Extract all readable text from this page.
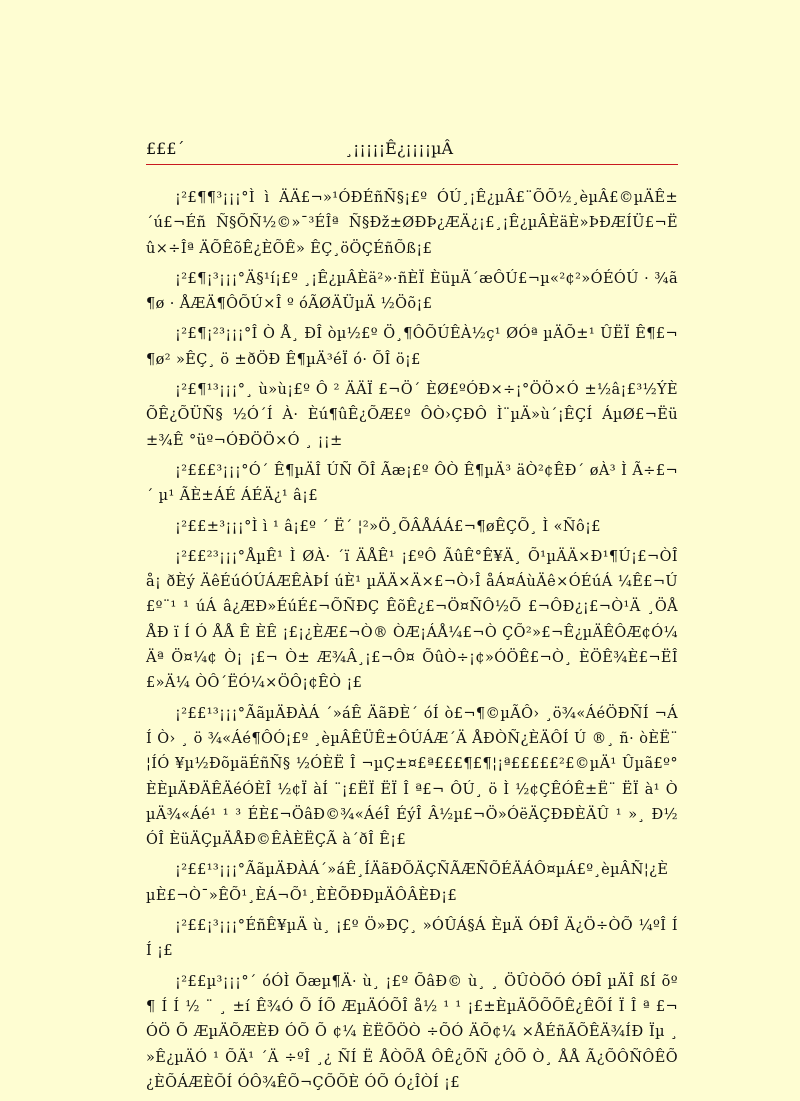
£££´	¸¡¡¡¡¡Ê¿¡¡¡¡µÂ

¡²£¶¶³¡¡¡°Ì ì ÄÄ£¬»¹ÓÐÉñÑ§¡£º ÓÚ¸¡Ê¿µÂ£¨ÕÕ½¸èµÂ£©µÄÊ±´ú£¬Éñ Ñ§ÕÑ½©»¯³ÉÎª Ñ§Ðž±ØÐÞ¿ÆÄ¿¡£¸¡Ê¿µÂÈäÈ»ÞÐÆÍÜ£¬Ëû×÷Îª ÄÕÊõÊ¿ÈÕÊ» ÊÇ¸öÖÇÉñÕß¡£

¡²£¶¡³¡¡¡°Ä§¹í¡£º ¸¡Ê¿µÂÈä²»·ñÈÏ ÈüµÄ´æÔÚ£¬µ«²¢²»ÓÉÓÚ · ¾ã¶ø · ÅÆÄ¶ÔÕÚ×Î º óÃØÄÜµÄ ½Öõ¡£

¡²£¶¡²³¡¡¡°Î Ò Å¸ ÐÎ òµ½£º Ö¸¶ÔÕÚÊÀ½ç¹ ØÓª µÄÕ±¹ ÛËÏ Ê¶£¬¶ø² »ÊÇ¸ ö ±ðÖÐ Ê¶µÄ³éÏ ó· ÕÎ ö¡£

¡²£¶¹³¡¡¡°¸ ù»ù¡£º Ô ² ÄÄÏ £¬Ö´ ÈØ£ºÓÐ×÷¡°ÖÖ×Ó ±½â¡£³½ÝÈÕÊ¿ÕÜÑ§ ½Ó´Í À· Èú¶ûÊ¿ÕÆ£º ÔÒ›ÇÐÔ Ì¨µÄ»ù´¡ÊÇÍ ÁµØ£¬Ëü±¾Ê °üº¬ÓÐÖÖ×Ó ¸ ¡¡±

¡²£££³¡¡¡°Ó´ Ê¶µÄÎ ÚÑ ÕÎ Ãæ¡£º ÔÒ Ê¶µÄ³ äÒ²¢ÊÐ´ øÀ³ Ì Ã÷£¬´ µ¹ ÃÈ±ÁÉ ÁÉÄ¿¹ â¡£

¡²££±³¡¡¡°Ì ì ¹ â¡£º ´ Ë´ ¦²»Ö¸ÕÂÅÁÁ£¬¶øÊÇÕ¸ Ì «Ñô¡£

¡²££²³¡¡¡°ÅµÊ¹ Ì ØÀ· ´ï ÄÅÊ¹ ¡£ºÔ ÃûÊ°Ê¥Ä¸ Õ¹µÄÄ×Ð¹¶Ú¡£¬ÒÎ å¡ ðÈý ÄêÉúÓÚÁÆÊÀÞÍ úÈ¹ µÄÄ×Ä×£¬Ò›Î åÁ¤ÁùÄê×ÓÉúÁ ¼Ê£¬Ú£º¨¹ ¹ úÁ â¿ÆÐ»ÉúÉ£¬ÕÑÐÇ ÊõÊ¿£¬Ö¤ÑÔ½Õ £¬ÔÐ¿¡£¬Ò¹Ä ¸ÖÅ ÅÐ ï Í Ó ÅÅ Ê ÈÊ ¡£¡¿ÈÆ£¬Ò® ÒÆ¡ÁÅ¼£¬Ò ÇÕ²»£¬Ê¿µÄÊÔÆ¢Ó¼Äª Ö¤¼¢ Ò¡ ¡£¬ Ò± Æ¾Â¸¡£¬Ô¤ ÕûÒ÷¡¢»ÓÖÊ£¬Ò¸ ÈÖÊ¾È£¬ËÎ£»Ä¼ ÒÔ´ËÓ¼×ÖÔ¡¢ÊÒ ¡£

¡²££¹³¡¡¡°ÃãµÄÐÀÁ ´»áÊ ÄãÐÈ´ óÍ ò£¬¶©µÃÔ› ¸ö¾«ÁéÖÐÑÍ ¬ÁÍ Ò› ¸ ö ¾«Áé¶ÔÓ¡£º ¸èµÂÊÜÊ±ÔÚÁÆ´Ä ÅÐÒÑ¿ÈÄÔÍ Ú ®¸ ñ· òÈË¨ ¦ÍÓ ¥µ½ÐõµäÉñÑ§ ½ÓÈË Î ¬µÇ±¤£ª£££¶£¶¦¡ª£££££²£©µÄ¹ Ûµã£º°ÈÈµÄÐÄÊÄéÓÈÎ ½¢Ï àÍ ¨¡£ËÏ ËÏ Î ª£¬ ÔÚ¸ ö Ì ½¢ÇÊÓÊ±Ë¨ ËÏ à¹ ÒµÄ¾«Áé¹ ¹ ³ ÉÈ£¬ÖâÐ©¾«ÁéÎ ÉýÎ Â½µ£¬Ö»ÓëÄÇÐÐÈÄÛ ¹ »¸ Ð½ÓÎ ÈüÄÇµÄÅÐ©ÊÀÈËÇÃ à´ðÎ Ê¡£

¡²££¹³¡¡¡°ÃãµÄÐÀÁ´»áÊ¸ÍÄãÐÕÄÇÑÃÆÑÕÉÄÁÔ¤µÁ£º¸èµÂÑ¦¿ÈµÈ£¬Ò¯»ÊÕ¹¸ÈÁ¬Õ¹¸ÈÈÕÐÐµÄÔÂÈÐ¡£

¡²££¡³¡¡¡°ÉñÊ¥µÄ ù¸ ¡£º Ö»ÐÇ¸ »ÓÛÁ§Á ÈµÄ ÓÐÎ Ä¿Ö÷ÒÕ ¼ºÎ Í Í ¡£

¡²££µ³¡¡¡°´ óÓÌ Õæµ¶Ä· ù¸ ¡£º ÕâÐ© ù¸ ¸ ÖÛÒÕÓ ÓÐÎ µÄÎ ßÍ õº ¶ Í Í ½ ¨ ¸ ±í Ê¾Ó Õ ÍÕ ÆµÄÓÕÎ å½ ¹ ¹ ¡£±ÈµÄÕÕÕÊ¿ÊÕÍ Ï Î ª £¬ ÓÖ Õ ÆµÄÕÆÈÐ ÓÕ Õ ¢¼ ÈËÕÖÒ ÷ÕÓ ÄÕ¢¼ ×ÅÉñÃÕÊÄ¾ÍÐ Ïµ ¸ »Ê¿µÄÓ ¹ ÕÄ¹ ´Ä ÷ºÎ ¸¿ ÑÍ Ë ÅÒÕÅ ÔÊ¿ÕÑ ¿ÔÕ Ò¸ ÅÅ Ã¿ÕÔÑÔÊÕ ¿ÈÕÁÆÈÕÍ ÓÔ¾ÊÕ¬ÇÕÕÈ ÓÕ Ó¿ÎÒÍ ¡£
